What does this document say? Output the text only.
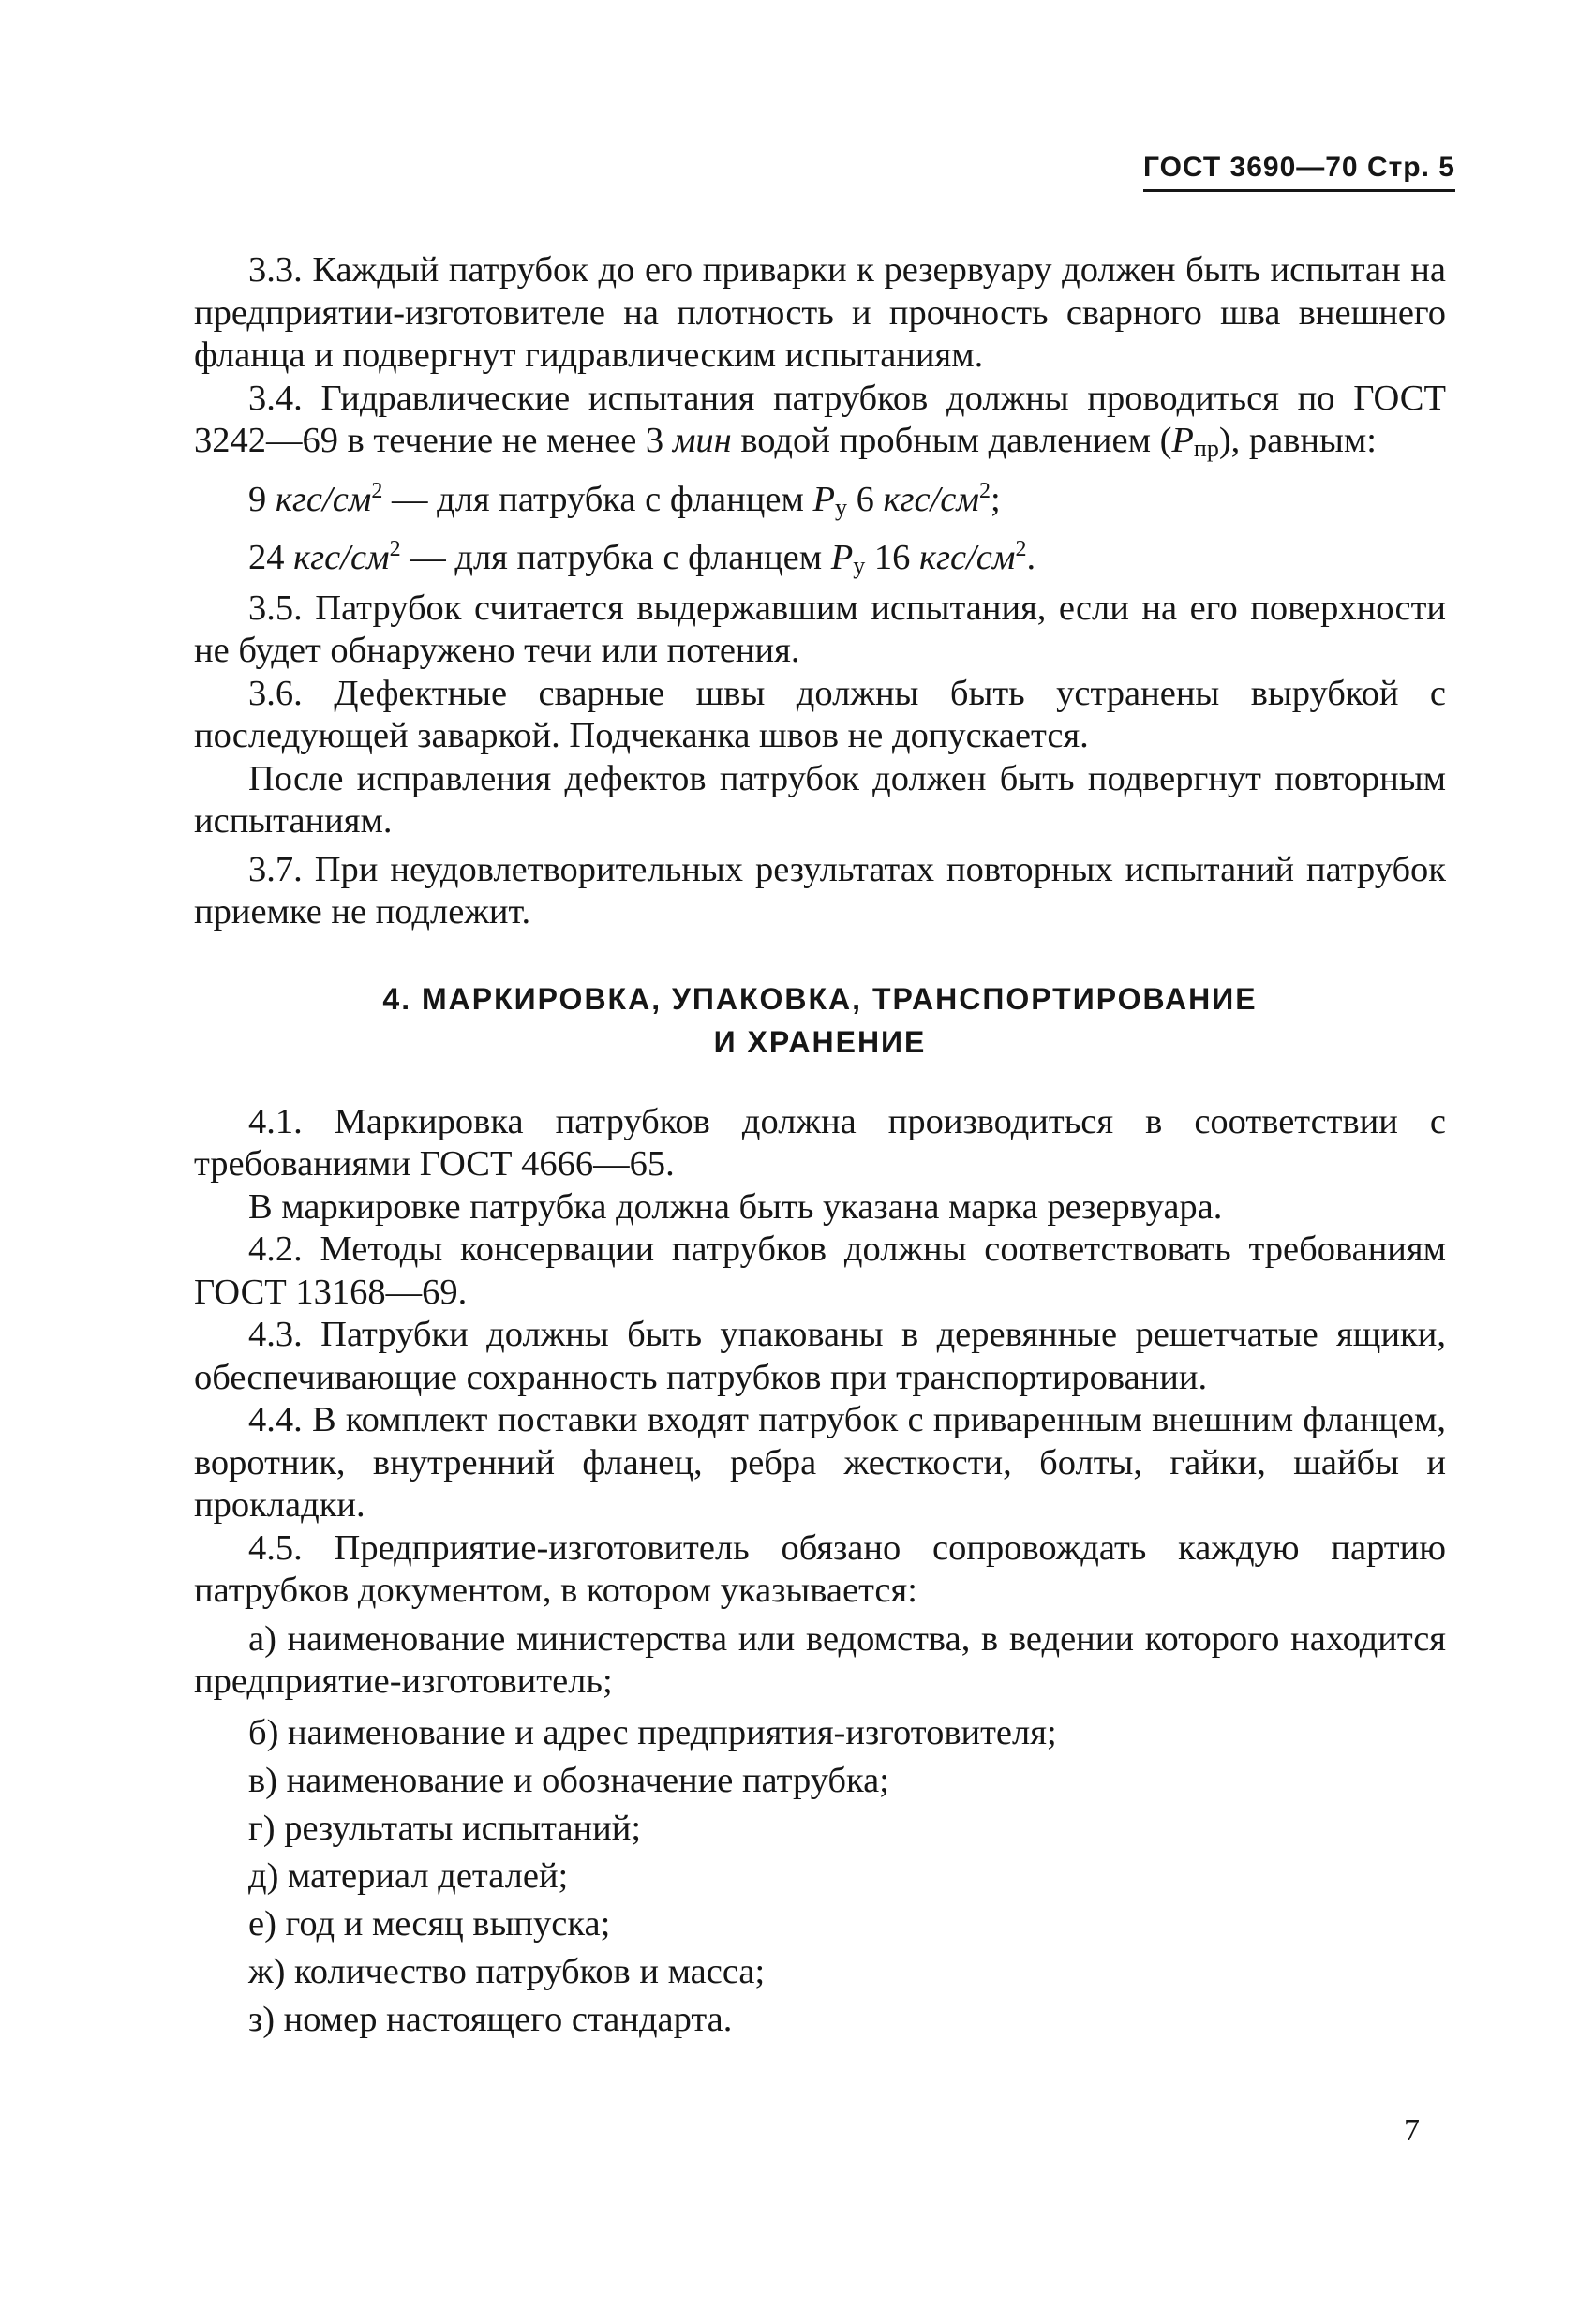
ГОСТ 3690—70 Стр. 5

3.3. Каждый патрубок до его приварки к резервуару должен быть испытан на предприятии-изготовителе на плотность и прочность сварного шва внешнего фланца и подвергнут гидравлическим испытаниям.

3.4. Гидравлические испытания патрубков должны проводиться по ГОСТ 3242—69 в течение не менее 3 мин водой пробным давлением (Pпр), равным:

9 кгс/$см^2$ — для патрубка с фланцем Pу 6 кгс/$см^2$;

24 кгс/$см^2$ — для патрубка с фланцем Pу 16 кгс/$см^2$.

3.5. Патрубок считается выдержавшим испытания, если на его поверхности не будет обнаружено течи или потения.

3.6. Дефектные сварные швы должны быть устранены вырубкой с последующей заваркой. Подчеканка швов не допускается.

После исправления дефектов патрубок должен быть подвергнут повторным испытаниям.

3.7. При неудовлетворительных результатах повторных испытаний патрубок приемке не подлежит.

4. МАРКИРОВКА, УПАКОВКА, ТРАНСПОРТИРОВАНИЕ
И ХРАНЕНИЕ

4.1. Маркировка патрубков должна производиться в соответствии с требованиями ГОСТ 4666—65.

В маркировке патрубка должна быть указана марка резервуара.

4.2. Методы консервации патрубков должны соответствовать требованиям ГОСТ 13168—69.

4.3. Патрубки должны быть упакованы в деревянные решетчатые ящики, обеспечивающие сохранность патрубков при транспортировании.

4.4. В комплект поставки входят патрубок с приваренным внешним фланцем, воротник, внутренний фланец, ребра жесткости, болты, гайки, шайбы и прокладки.

4.5. Предприятие-изготовитель обязано сопровождать каждую партию патрубков документом, в котором указывается:

а) наименование министерства или ведомства, в ведении которого находится предприятие-изготовитель;

б) наименование и адрес предприятия-изготовителя;

в) наименование и обозначение патрубка;

г) результаты испытаний;

д) материал деталей;

е) год и месяц выпуска;

ж) количество патрубков и масса;

з) номер настоящего стандарта.

7
